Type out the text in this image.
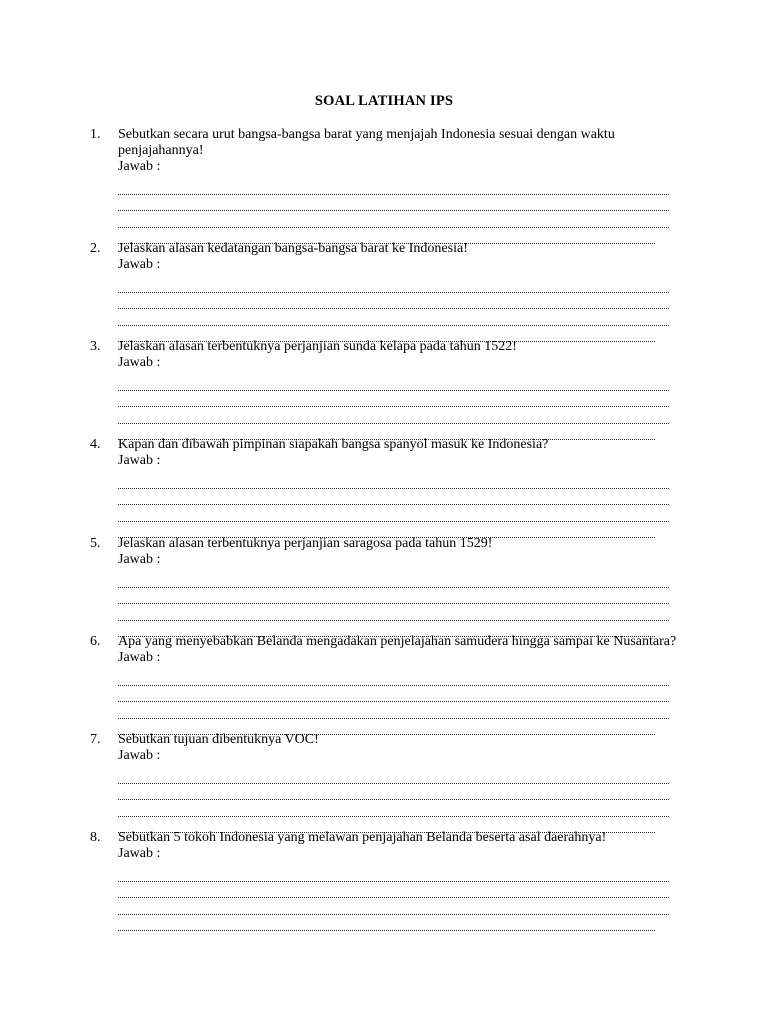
SOAL LATIHAN IPS
1.	Sebutkan secara urut bangsa-bangsa barat yang menjajah Indonesia sesuai dengan waktu penjajahannya!
Jawab :
2.	Jelaskan alasan kedatangan bangsa-bangsa barat ke Indonesia!
Jawab :
3.	Jelaskan alasan terbentuknya perjanjian sunda kelapa pada tahun 1522!
Jawab :
4.	Kapan dan dibawah pimpinan siapakah bangsa spanyol masuk ke Indonesia?
Jawab :
5.	Jelaskan alasan terbentuknya perjanjian saragosa pada tahun 1529!
Jawab :
6.	Apa yang menyebabkan Belanda mengadakan penjelajahan samudera hingga sampai ke Nusantara?
Jawab :
7.	Sebutkan tujuan dibentuknya VOC!
Jawab :
8.	Sebutkan 5 tokoh Indonesia yang melawan penjajahan Belanda beserta asal daerahnya!
Jawab :
